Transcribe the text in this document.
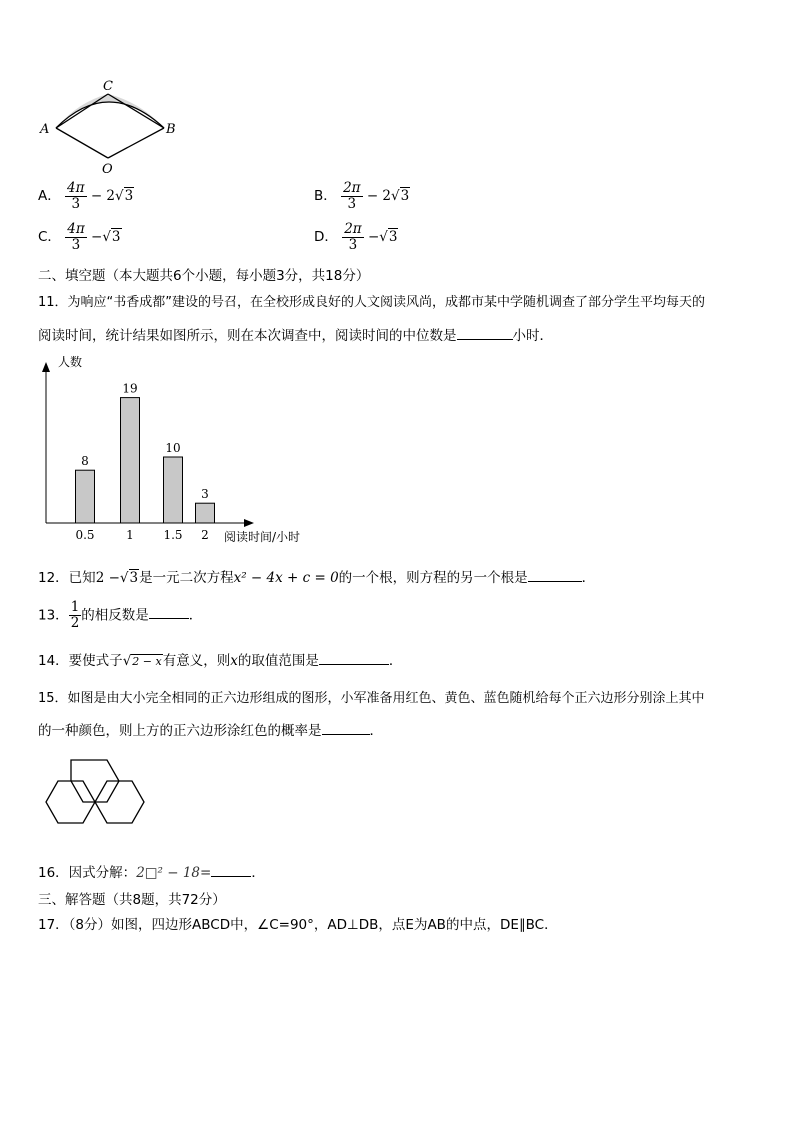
A	B
C
O
A． $\frac{4\pi}{3} - 2√3$	B． $\frac{2\pi}{3} - 2√3$
C． $\frac{4\pi}{3} -√3$	D． $\frac{2\pi}{3} -√3$
二、填空题（本大题共6个小题，每小题3分，共18分）
11．为响应“书香成都”建设的号召，在全校形成良好的人文阅读风尚，成都市某中学随机调查了部分学生平均每天的
阅读时间，统计结果如图所示，则在本次调查中，阅读时间的中位数是	小时．
人数
阅读时间/小时
8
0.5
19
1
10
1.5
3
2
12．已知2 −√3是一元二次方程x² − 4x + c = 0的一个根，则方程的另一个根是	．
13． $\frac{1}{2}$ 的相反数是	．
14．要使式子√2 − x有意义，则x的取值范围是	．
15．如图是由大小完全相同的正六边形组成的图形，小军准备用红色、黄色、蓝色随机给每个正六边形分别涂上其中
的一种颜色，则上方的正六边形涂红色的概率是	．
16．因式分解：2□² − 18=	．
三、解答题（共8题，共72分）
17．（8分）如图，四边形ABCD中，∠C=90°，AD⊥DB，点E为AB的中点，DE∥BC．
